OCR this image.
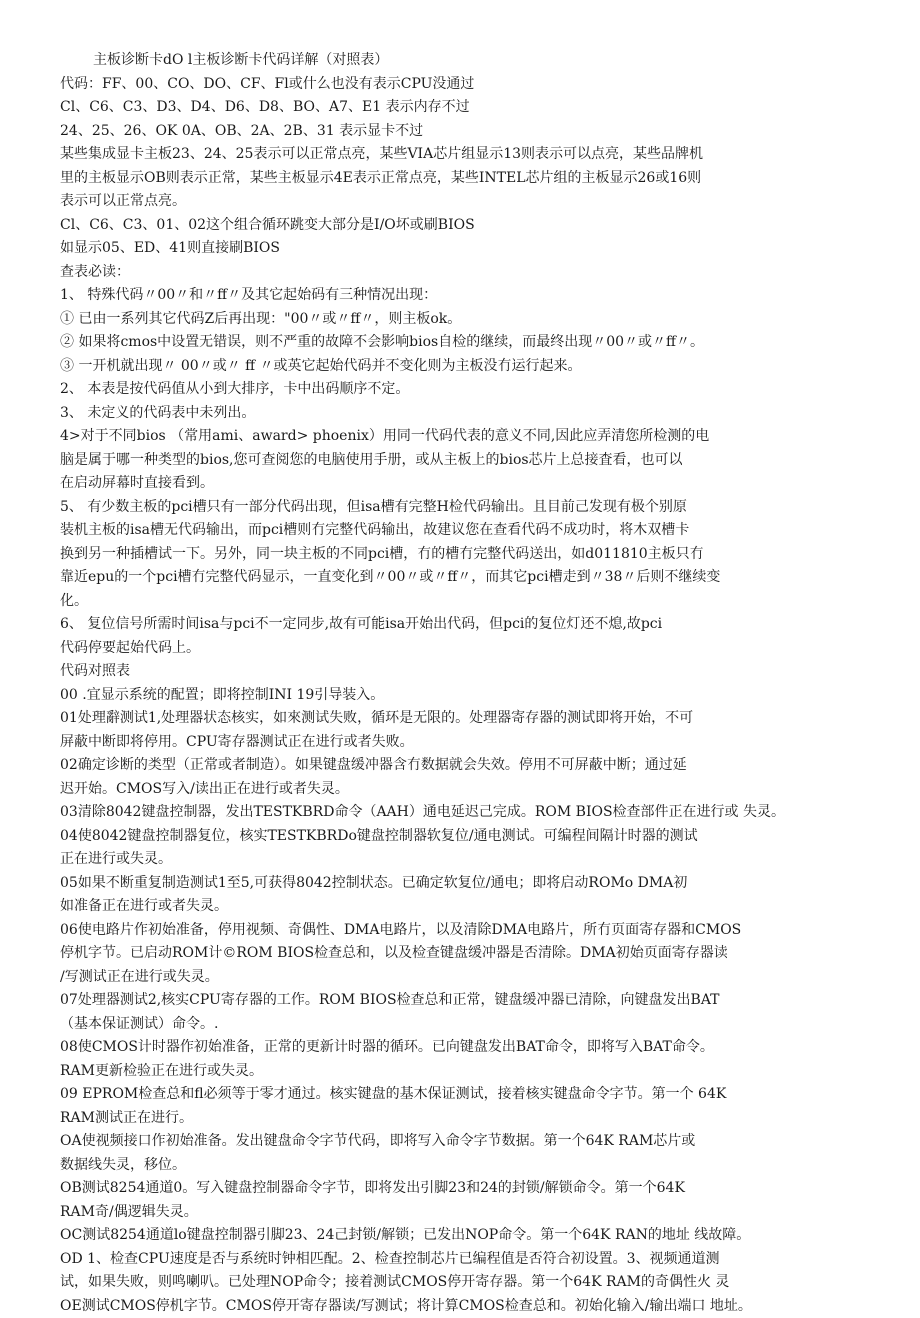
主板诊断卡dO l主板诊断卡代码详解（对照表）
代码：FF、00、CO、DO、CF、Fl或什么也没有表示CPU没通过
Cl、C6、C3、D3、D4、D6、D8、BO、A7、E1 表示内存不过
24、25、26、OK 0A、OB、2A、2B、31 表示显卡不过
某些集成显卡主板23、24、25表示可以正常点亮，某些VIA芯片组显示13则表示可以点亮，某些品牌机
里的主板显示OB则表示正常，某些主板显示4E表示正常点亮，某些INTEL芯片组的主板显示26或16则
表示可以正常点亮。
Cl、C6、C3、01、02这个组合循环跳变大部分是I/O坏或刷BIOS
如显示05、ED、41则直接刷BIOS
查表必读：
1、 特殊代码〃00〃和〃ff〃及其它起始码有三种情况出现：
① 已由一系列其它代码Z后再出现："00〃或〃ff〃，则主板ok。
② 如果将cmos中设置无错误，则不严重的故障不会影响bios自检的继续，而最终出现〃00〃或〃ff〃。
③ 一开机就出现〃 00〃或〃 ff 〃或英它起始代码并不变化则为主板没冇运行起来。
2、 本表是按代码值从小到大排序，卡中出码顺序不定。
3、 未定义的代码表中未列出。
4>对于不同bios （常用ami、award> phoenix）用同一代码代表的意义不同,因此应弄清您所检测的电
脑是属于哪一种类型的bios,您可查阅您的电脑使用手册，或从主板上的bios芯片上总接査看，也可以
在启动屏幕时直接看到。
5、 有少数主板的pci槽只有一部分代码出现，但isa槽有完整H检代码输出。且目前己发现有极个别原
装机主板的isa槽无代码输出，而pci槽则冇完整代码输出，故建议您在查看代码不成功时，将木双槽卡
换到另一种插槽试一下。另外，同一块主板的不同pci槽，冇的槽冇完整代码送出，如d011810主板只冇
靠近epu的一个pci槽冇完整代码显示，一直变化到〃00〃或〃ff〃，而其它pci槽走到〃38〃后则不继续变
化。
6、 复位信号所需时间isa与pci不一定同步,故有可能isa开始出代码，但pci的复位灯还不熄,故pci
代码停要起始代码上。
代码对照表
00 .宜显示系统的配置；即将控制INI 19引导装入。
01处理辭测试1,处理器状态核实，如來测试失败，循环是无限的。处理器寄存器的测试即将开始，不可
屏蔽中断即将停用。CPU寄存器测试正在进行或者失败。
02确定诊断的类型（正常或者制造）。如果键盘缓冲器含冇数据就会失效。停用不可屏蔽中断；通过延
迟开始。CMOS写入/读出正在进行或者失灵。
03清除8042键盘控制器，发出TESTKBRD命令（AAH）通电延迟己完成。ROM BIOS检查部件正在进行或 失灵。
04使8042键盘控制器复位，核实TESTKBRDo键盘控制器软复位/通电测试。可编程间隔计时器的测试
正在进行或失灵。
05如果不断重复制造测试1至5,可获得8042控制状态。已确定软复位/通电；即将启动ROMo DMA初
如准备正在进行或者失灵。
06使电路片作初始准备，停用视频、奇偶性、DMA电路片，以及清除DMA电路片，所冇页面寄存器和CMOS
停机字节。已启动ROM计©ROM BIOS检查总和，以及检查键盘缓冲器是否清除。DMA初始页面寄存器读
/写测试正在进行或失灵。
07处理器测试2,核实CPU寄存器的工作。ROM BIOS检查总和正常，键盘缓冲器已清除，向键盘发出BAT
（基本保证测试）命令。.
08使CMOS计时器作初始准备，正常的更新计时器的循环。已向键盘发出BAT命令，即将写入BAT命令。
RAM更新检验正在进行或失灵。
09 EPROM检查总和fl必须等于零才通过。核实键盘的基木保证测试，接着核实键盘命令字节。第一个 64K
RAM测试正在进行。
OA使视频接口作初始准备。发出键盘命令字节代码，即将写入命令字节数据。第一个64K RAM芯片或
数据线失灵，移位。
OB测试8254通道0。写入键盘控制器命令字节，即将发出引脚23和24的封锁/解锁命令。第一个64K
RAM奇/偶逻辑失灵。
OC测试8254通道lo键盘控制器引脚23、24己封锁/解锁；已发出NOP命令。第一个64K RAN的地址 线故障。
OD 1、检查CPU速度是否与系统时钟相匹配。2、检查控制芯片已编程值是否符合初设置。3、视频通道测
试，如果失败，则鸣喇叭。已处理NOP命令；接着测试CMOS停开寄存器。第一个64K RAM的奇偶性火 灵
OE测试CMOS停机字节。CMOS停开寄存器读/写测试；将计算CMOS检查总和。初始化输入/输出端口 地址。
